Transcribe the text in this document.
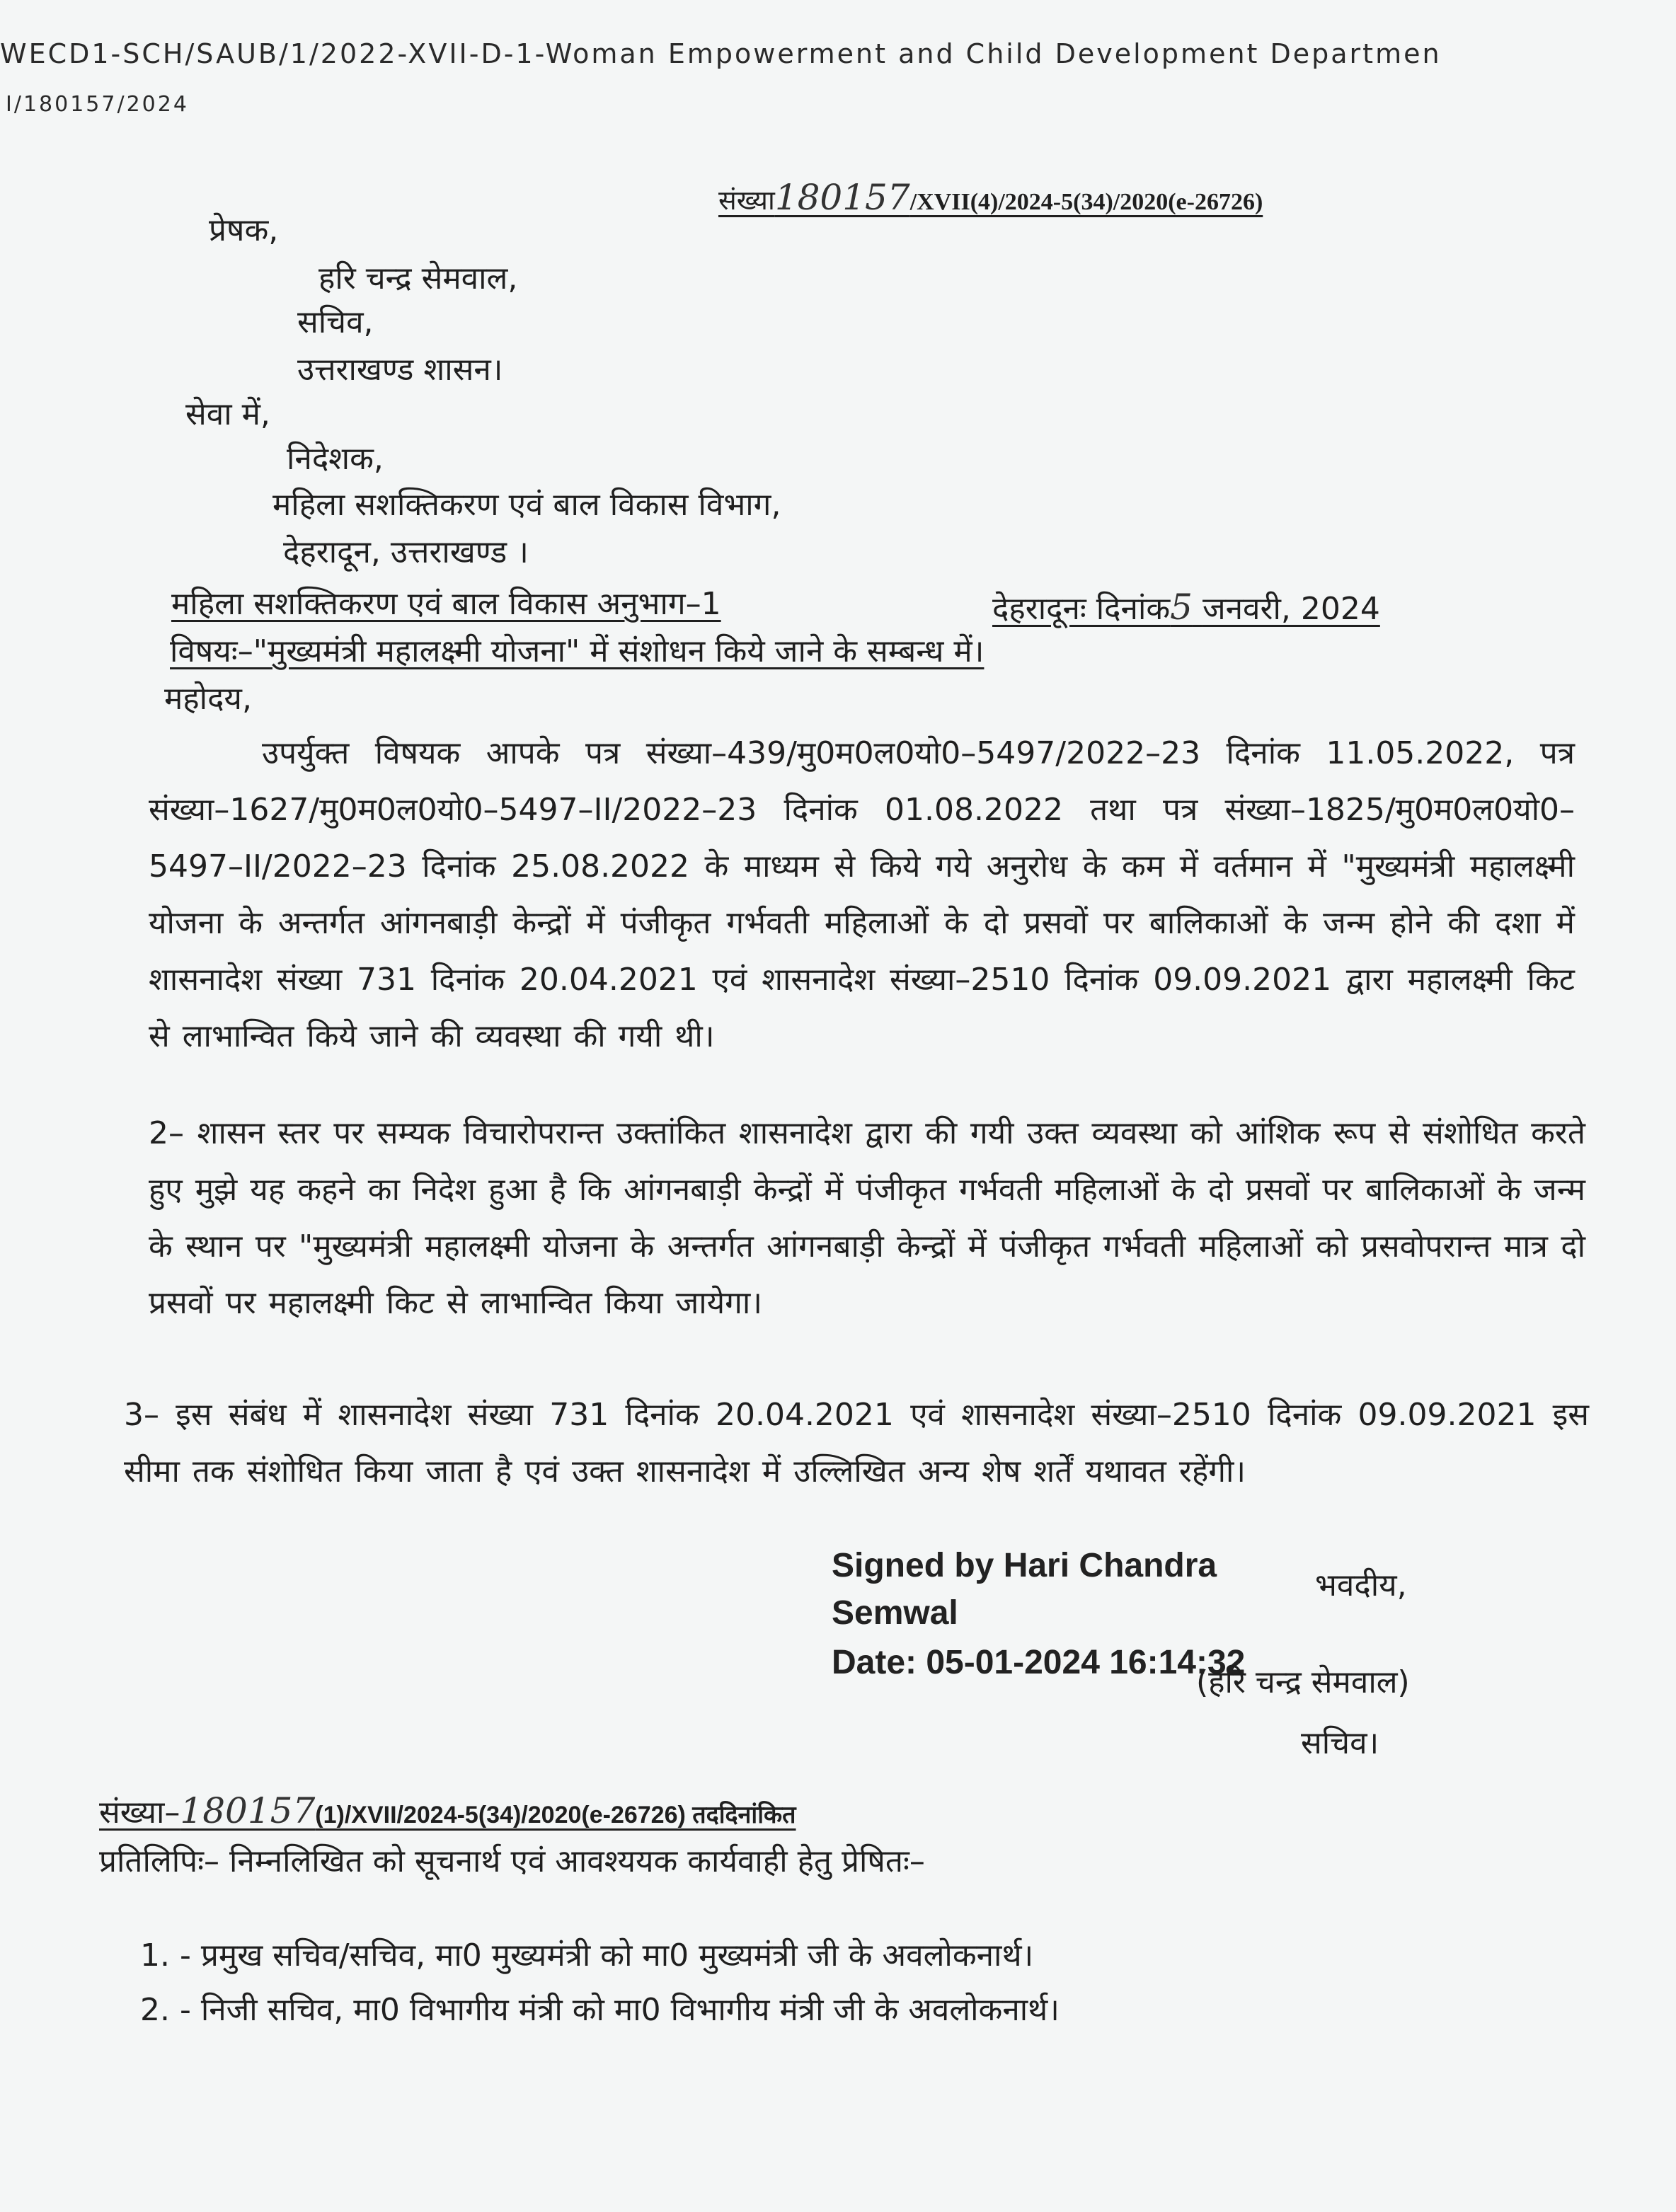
WECD1-SCH/SAUB/1/2022-XVII-D-1-Woman Empowerment and Child Development Departmen
I/180157/2024
संख्या180157/XVII(4)/2024-5(34)/2020(e-26726)
प्रेषक,
हरि चन्द्र सेमवाल,
सचिव,
उत्तराखण्ड शासन।
सेवा में,
निदेशक,
महिला सशक्तिकरण एवं बाल विकास विभाग,
देहरादून, उत्तराखण्ड ।
महिला सशक्तिकरण एवं बाल विकास अनुभाग–1	देहरादूनः दिनांक5 जनवरी, 2024
विषयः–"मुख्यमंत्री महालक्ष्मी योजना" में संशोधन किये जाने के सम्बन्ध में।
महोदय,
उपर्युक्त विषयक आपके पत्र संख्या–439/मु0म0ल0यो0–5497/2022–23 दिनांक 11.05.2022, पत्र संख्या–1627/मु0म0ल0यो0–5497–II/2022–23 दिनांक 01.08.2022 तथा पत्र संख्या–1825/मु0म0ल0यो0–5497–II/2022–23 दिनांक 25.08.2022 के माध्यम से किये गये अनुरोध के कम में वर्तमान में "मुख्यमंत्री महालक्ष्मी योजना के अन्तर्गत आंगनबाड़ी केन्द्रों में पंजीकृत गर्भवती महिलाओं के दो प्रसवों पर बालिकाओं के जन्म होने की दशा में शासनादेश संख्या 731 दिनांक 20.04.2021 एवं शासनादेश संख्या–2510 दिनांक 09.09.2021 द्वारा महालक्ष्मी किट से लाभान्वित किये जाने की व्यवस्था की गयी थी।
2– शासन स्तर पर सम्यक विचारोपरान्त उक्तांकित शासनादेश द्वारा की गयी उक्त व्यवस्था को आंशिक रूप से संशोधित करते हुए मुझे यह कहने का निदेश हुआ है कि आंगनबाड़ी केन्द्रों में पंजीकृत गर्भवती महिलाओं के दो प्रसवों पर बालिकाओं के जन्म के स्थान पर "मुख्यमंत्री महालक्ष्मी योजना के अन्तर्गत आंगनबाड़ी केन्द्रों में पंजीकृत गर्भवती महिलाओं को प्रसवोपरान्त मात्र दो प्रसवों पर महालक्ष्मी किट से लाभान्वित किया जायेगा।
3– इस संबंध में शासनादेश संख्या 731 दिनांक 20.04.2021 एवं शासनादेश संख्या–2510 दिनांक 09.09.2021 इस सीमा तक संशोधित किया जाता है एवं उक्त शासनादेश में उल्लिखित अन्य शेष शर्तें यथावत रहेंगी।
Signed by Hari Chandra
Semwal
Date: 05-01-2024 16:14:32
भवदीय,
(हरि चन्द्र सेमवाल)
सचिव।
संख्या–180157(1)/XVII/2024-5(34)/2020(e-26726) तददिनांकित
प्रतिलिपिः– निम्नलिखित को सूचनार्थ एवं आवश्ययक कार्यवाही हेतु प्रेषितः–
1. - प्रमुख सचिव/सचिव, मा0 मुख्यमंत्री को मा0 मुख्यमंत्री जी के अवलोकनार्थ।
2. - निजी सचिव, मा0 विभागीय मंत्री को मा0 विभागीय मंत्री जी के अवलोकनार्थ।
